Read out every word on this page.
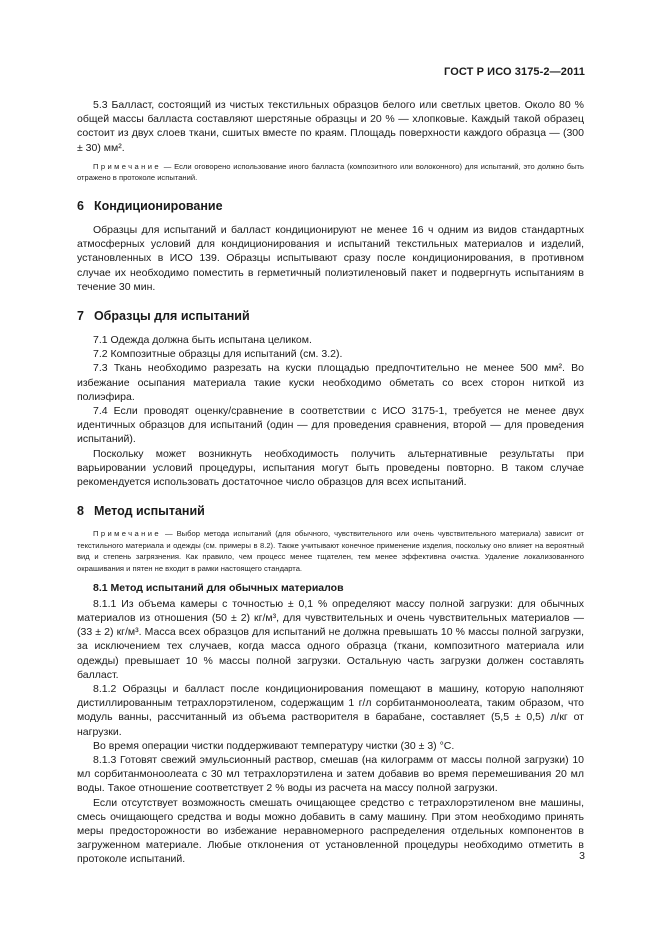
ГОСТ Р ИСО 3175-2—2011

5.3 Балласт, состоящий из чистых текстильных образцов белого или светлых цветов. Около 80 % общей массы балласта составляют шерстяные образцы и 20 % — хлопковые. Каждый такой образец состоит из двух слоев ткани, сшитых вместе по краям. Площадь поверхности каждого образца — (300 ± 30) мм².

Примечание — Если оговорено использование иного балласта (композитного или волоконного) для испытаний, это должно быть отражено в протоколе испытаний.

6 Кондиционирование

Образцы для испытаний и балласт кондиционируют не менее 16 ч одним из видов стандартных атмосферных условий для кондиционирования и испытаний текстильных материалов и изделий, установленных в ИСО 139. Образцы испытывают сразу после кондиционирования, в противном случае их необходимо поместить в герметичный полиэтиленовый пакет и подвергнуть испытаниям в течение 30 мин.

7 Образцы для испытаний

7.1 Одежда должна быть испытана целиком.

7.2 Композитные образцы для испытаний (см. 3.2).

7.3 Ткань необходимо разрезать на куски площадью предпочтительно не менее 500 мм². Во избежание осыпания материала такие куски необходимо обметать со всех сторон ниткой из полиэфира.

7.4 Если проводят оценку/сравнение в соответствии с ИСО 3175-1, требуется не менее двух идентичных образцов для испытаний (один — для проведения сравнения, второй — для проведения испытаний).

Поскольку может возникнуть необходимость получить альтернативные результаты при варьировании условий процедуры, испытания могут быть проведены повторно. В таком случае рекомендуется использовать достаточное число образцов для всех испытаний.

8 Метод испытаний

Примечание — Выбор метода испытаний (для обычного, чувствительного или очень чувствительного материала) зависит от текстильного материала и одежды (см. примеры в 8.2). Также учитывают конечное применение изделия, поскольку оно влияет на вероятный вид и степень загрязнения. Как правило, чем процесс менее тщателен, тем менее эффективна очистка. Удаление локализованного окрашивания и пятен не входит в рамки настоящего стандарта.

8.1 Метод испытаний для обычных материалов

8.1.1 Из объема камеры с точностью ± 0,1 % определяют массу полной загрузки: для обычных материалов из отношения (50 ± 2) кг/м³, для чувствительных и очень чувствительных материалов — (33 ± 2) кг/м³. Масса всех образцов для испытаний не должна превышать 10 % массы полной загрузки, за исключением тех случаев, когда масса одного образца (ткани, композитного материала или одежды) превышает 10 % массы полной загрузки. Остальную часть загрузки должен составлять балласт.

8.1.2 Образцы и балласт после кондиционирования помещают в машину, которую наполняют дистиллированным тетрахлорэтиленом, содержащим 1 г/л сорбитанмоноолеата, таким образом, что модуль ванны, рассчитанный из объема растворителя в барабане, составляет (5,5 ± 0,5) л/кг от нагрузки.

Во время операции чистки поддерживают температуру чистки (30 ± 3) °С.

8.1.3 Готовят свежий эмульсионный раствор, смешав (на килограмм от массы полной загрузки) 10 мл сорбитанмоноолеата с 30 мл тетрахлорэтилена и затем добавив во время перемешивания 20 мл воды. Такое отношение соответствует 2 % воды из расчета на массу полной загрузки.

Если отсутствует возможность смешать очищающее средство с тетрахлорэтиленом вне машины, смесь очищающего средства и воды можно добавить в саму машину. При этом необходимо принять меры предосторожности во избежание неравномерного распределения отдельных компонентов в загруженном материале. Любые отклонения от установленной процедуры необходимо отметить в протоколе испытаний.	3
